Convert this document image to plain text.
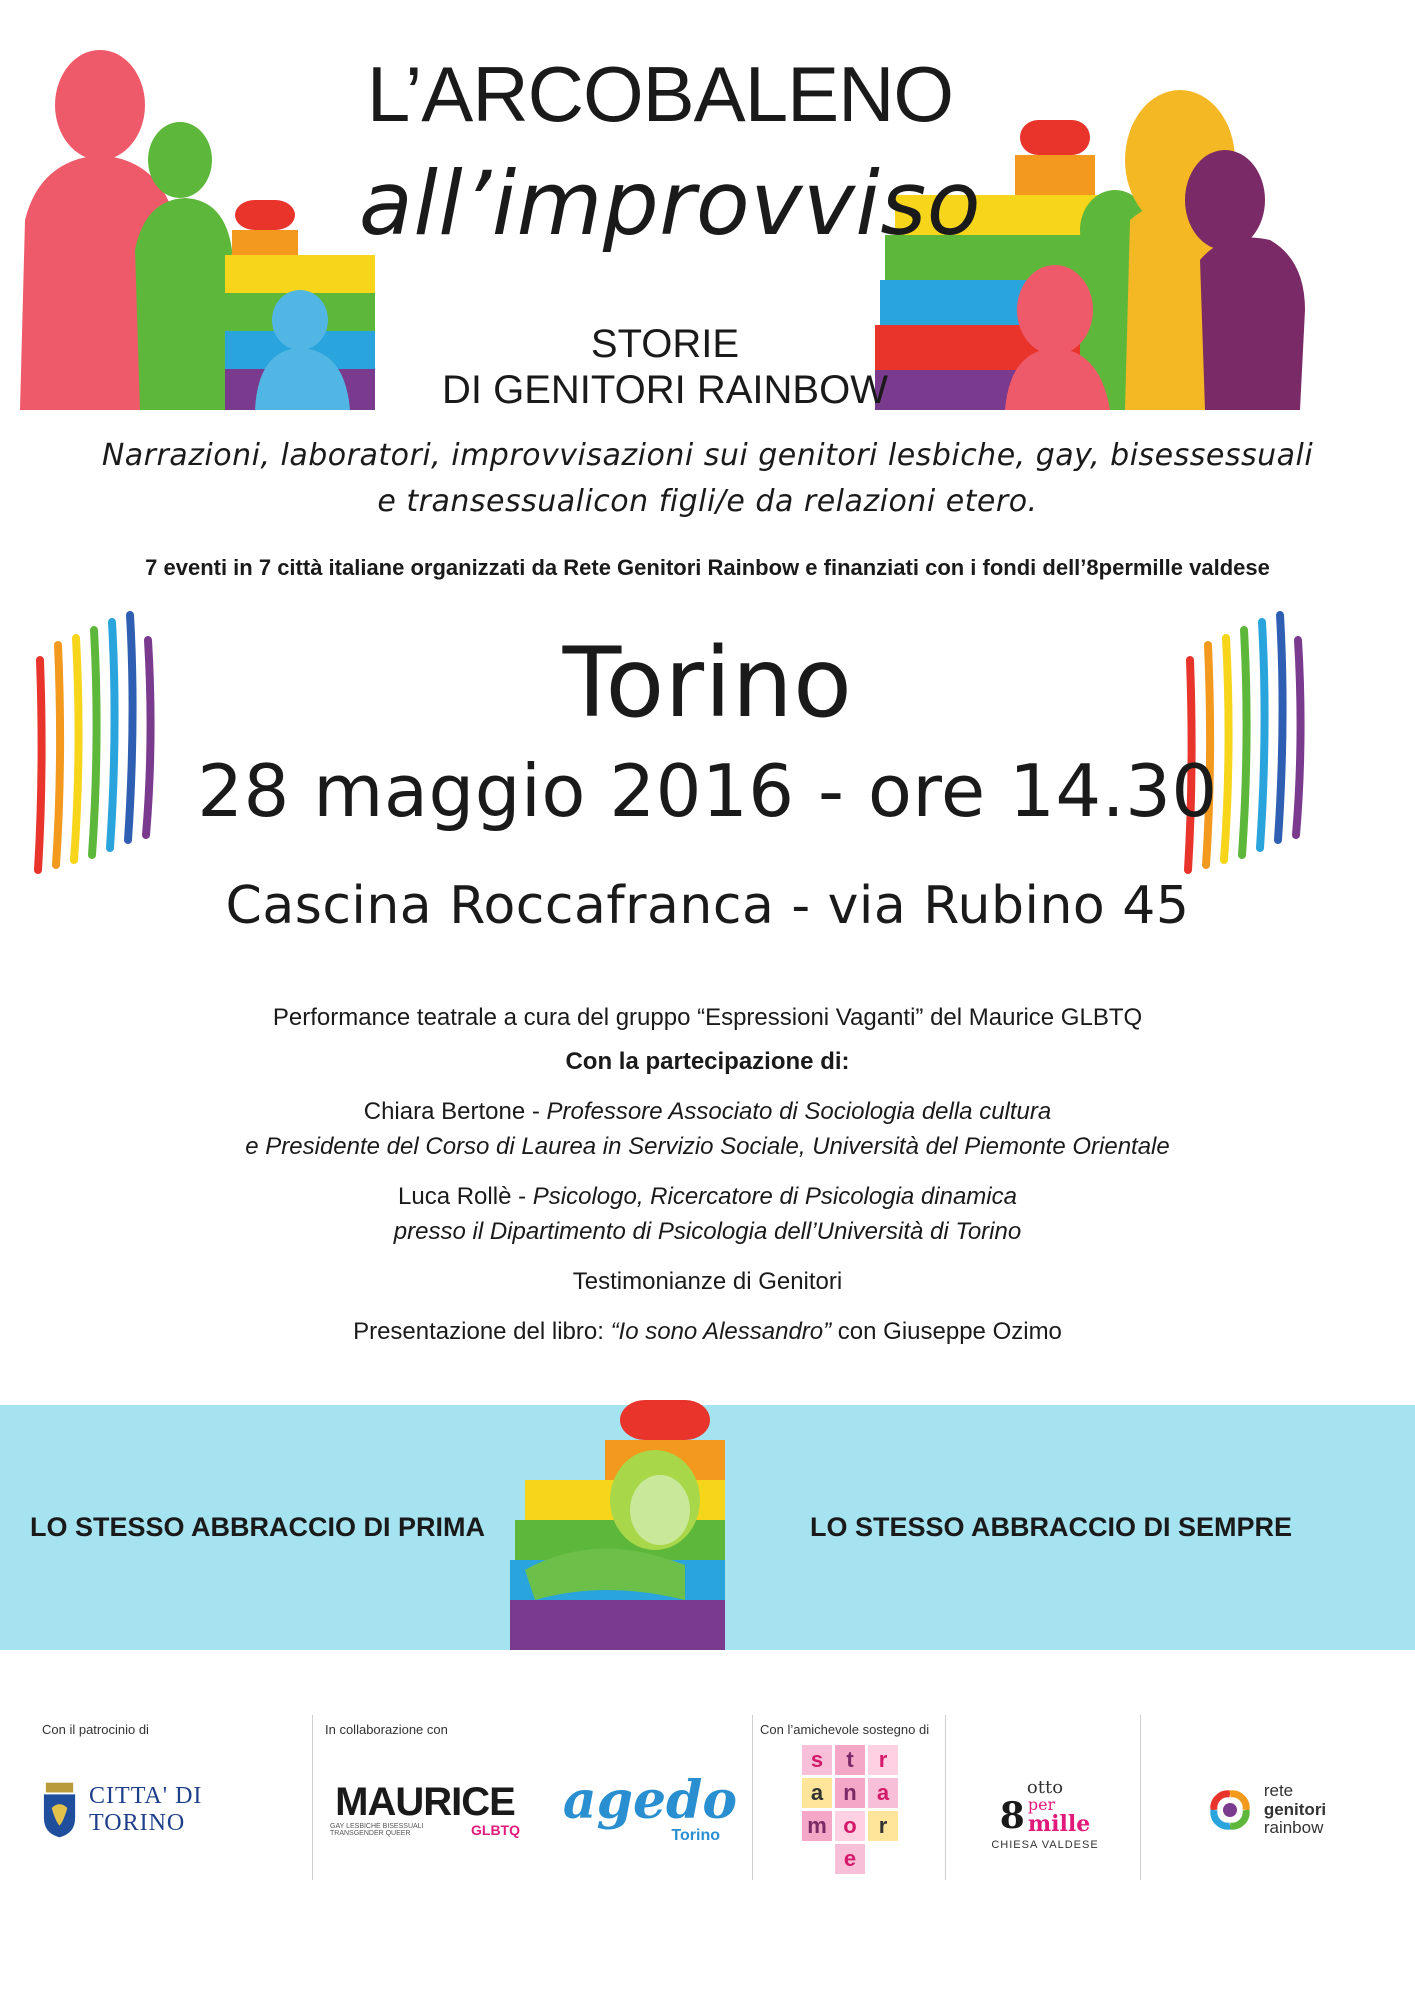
L’ARCOBALENO
all’improvviso
STORIE
DI GENITORI RAINBOW
Narrazioni, laboratori, improvvisazioni sui genitori lesbiche, gay, bisessessuali
e transessualicon figli/e da relazioni etero.
7 eventi in 7 città italiane organizzati da Rete Genitori Rainbow e finanziati con i fondi dell’8permille valdese
Torino
28 maggio 2016 - ore 14.30
Cascina Roccafranca - via Rubino 45
Performance teatrale a cura del gruppo “Espressioni Vaganti” del Maurice GLBTQ
Con la partecipazione di:
Chiara Bertone - Professore Associato di Sociologia della cultura
e Presidente del Corso di Laurea in Servizio Sociale, Università del Piemonte Orientale
Luca Rollè - Psicologo, Ricercatore di Psicologia dinamica
presso il Dipartimento di Psicologia dell’Università di Torino
Testimonianze di Genitori
Presentazione del libro: “Io sono Alessandro” con Giuseppe Ozimo
LO STESSO ABBRACCIO DI PRIMA	LO STESSO ABBRACCIO DI SEMPRE
Con il patrocinio di	In collaborazione con	Con l’amichevole sostegno di
CITTA' DI TORINO	MAURICE
GAY LESBICHE BISESSUALI TRANSGENDER QUEER	GLBTQ agedo
Torino
s	t	r
a n a
m o	r
e
otto
8 per
mille
CHIESA VALDESE
rete
genitori
rainbow
